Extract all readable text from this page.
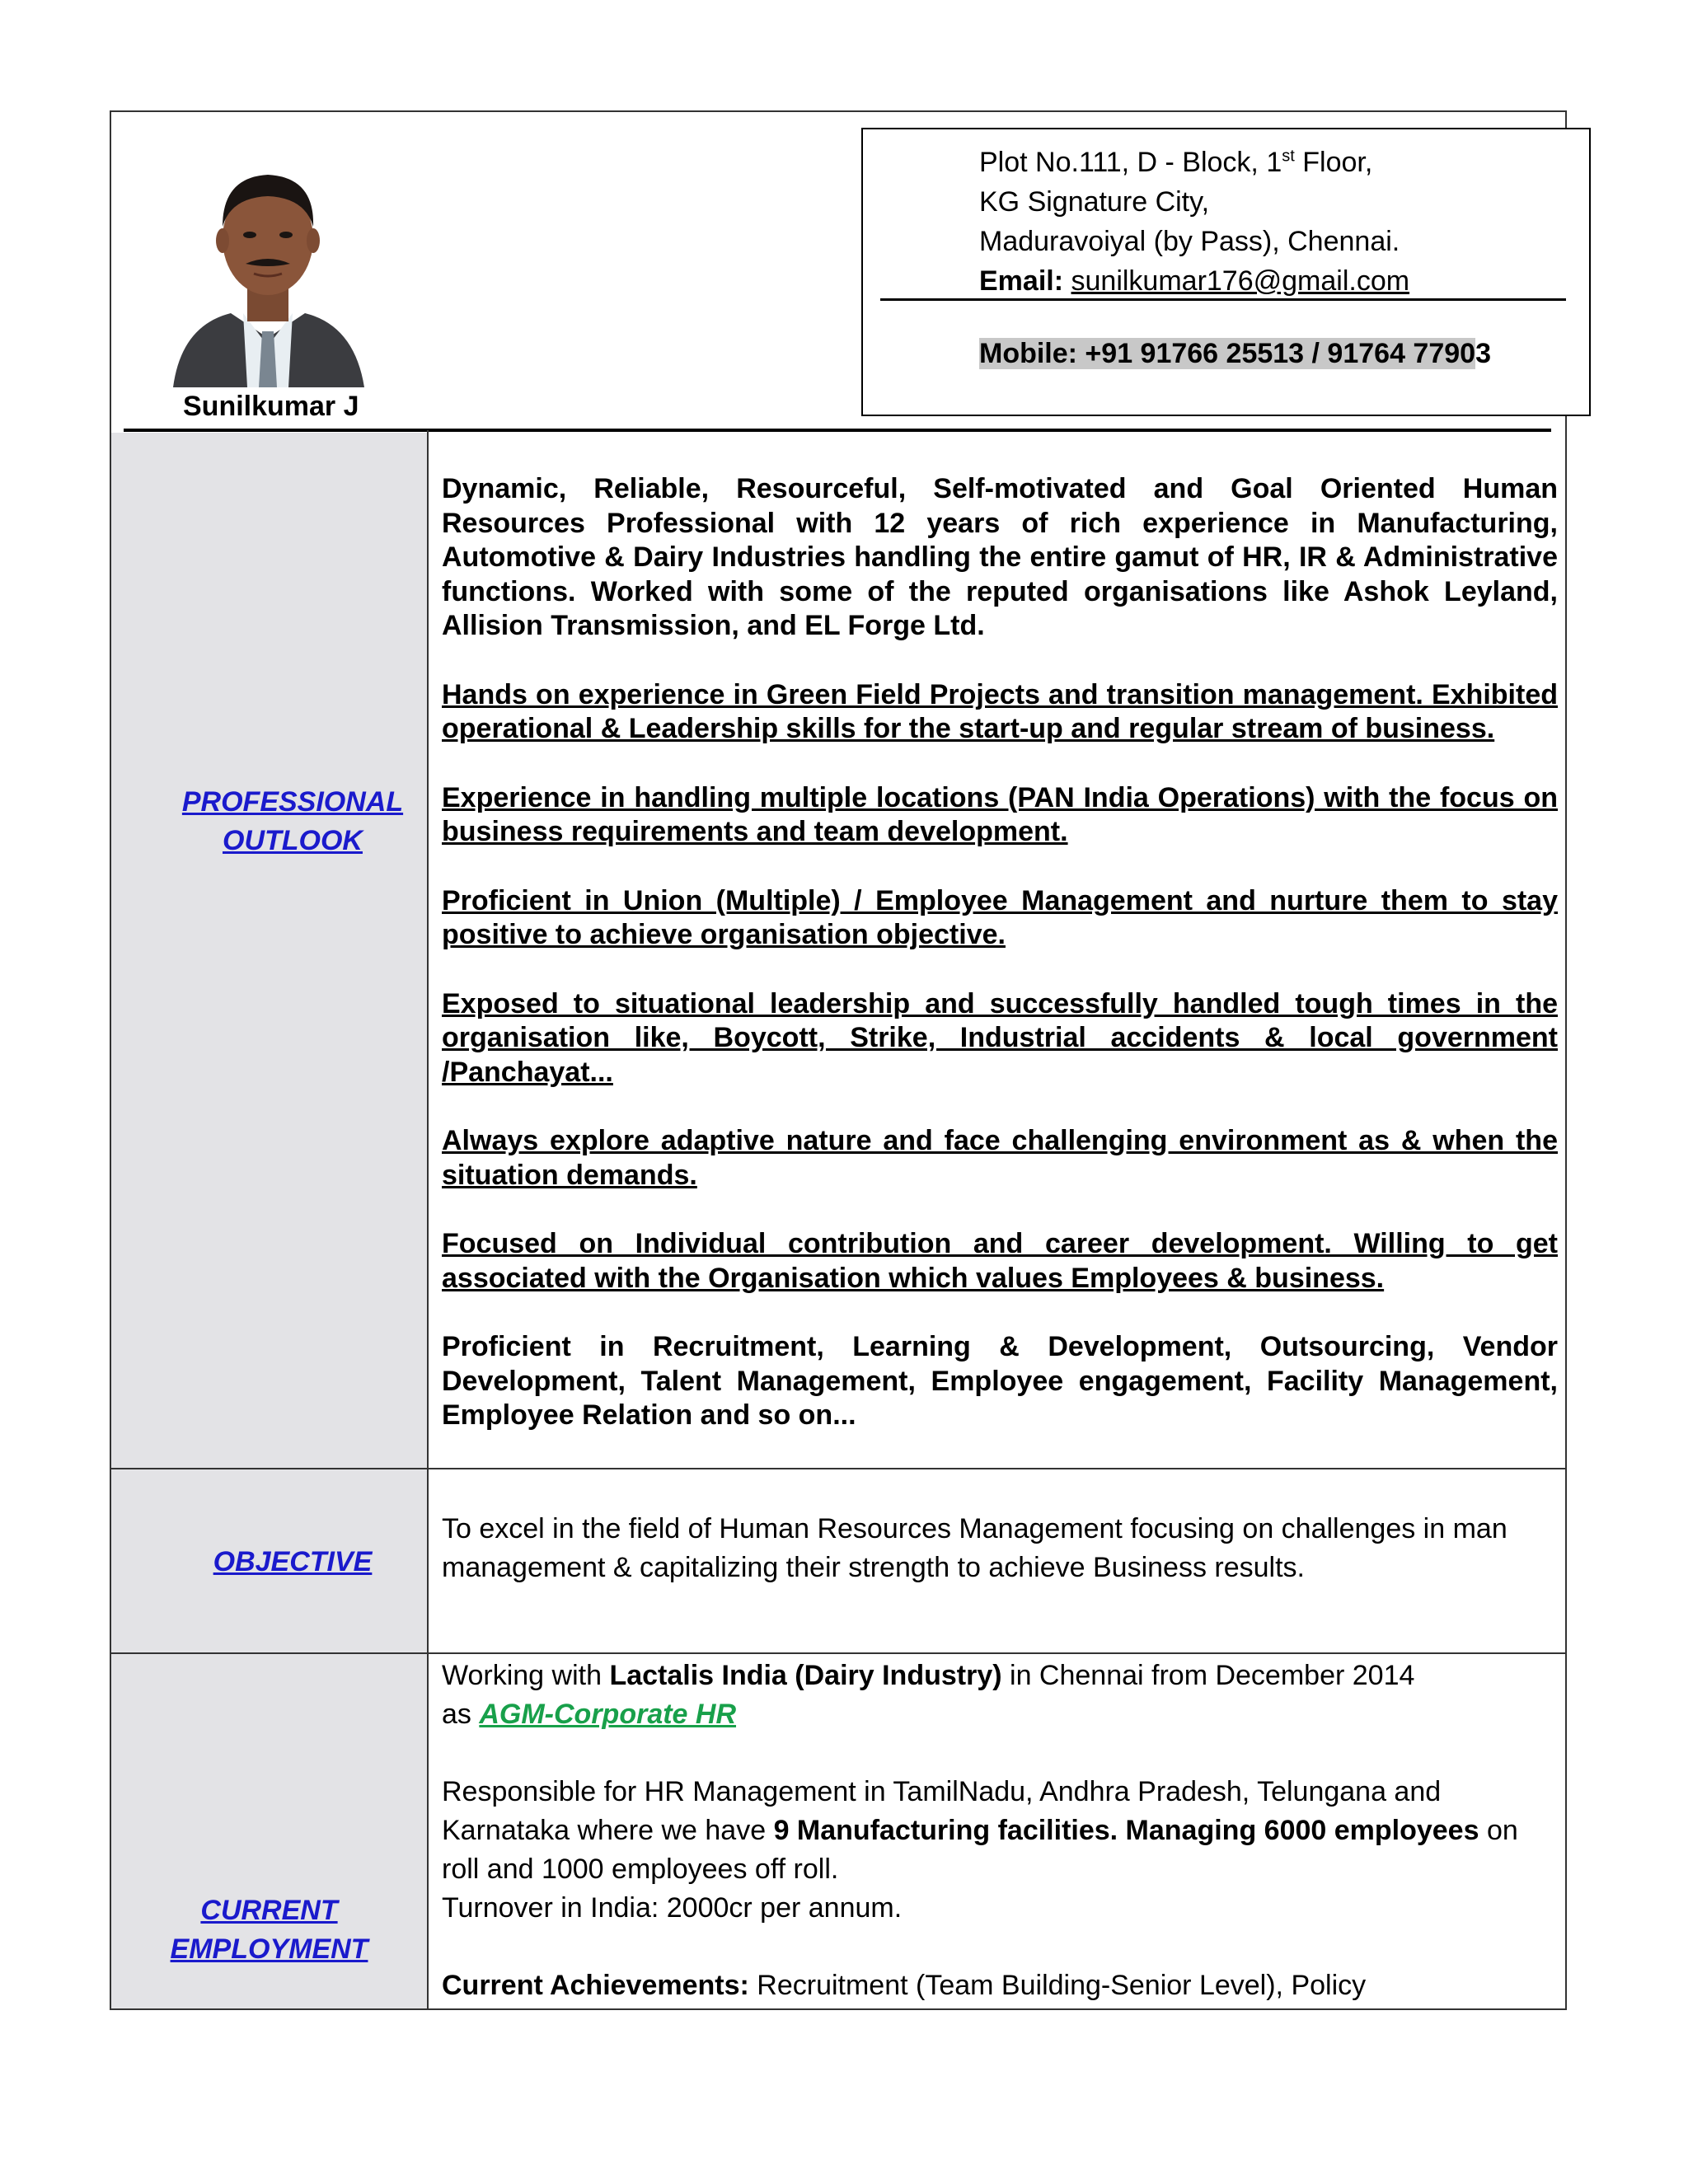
Sunilkumar J
Plot No.111, D - Block, 1st Floor,
KG Signature City,
Maduravoiyal (by Pass), Chennai.
Email: sunilkumar176@gmail.com
Mobile: +91 91766 25513 / 91764 77903
PROFESSIONAL
OUTLOOK

Dynamic, Reliable, Resourceful, Self-motivated and Goal Oriented Human Resources Professional with 12 years of rich experience in Manufacturing, Automotive & Dairy Industries handling the entire gamut of HR, IR & Administrative functions. Worked with some of the reputed organisations like Ashok Leyland, Allision Transmission, and EL Forge Ltd.

Hands on experience in Green Field Projects and transition management. Exhibited operational & Leadership skills for the start-up and regular stream of business.

Experience in handling multiple locations (PAN India Operations) with the focus on business requirements and team development.

Proficient in Union (Multiple) / Employee Management and nurture them to stay positive to achieve organisation objective.

Exposed to situational leadership and successfully handled tough times in the organisation like, Boycott, Strike, Industrial accidents & local government /Panchayat...

Always explore adaptive nature and face challenging environment as & when the situation demands.

Focused on Individual contribution and career development. Willing to get associated with the Organisation which values Employees & business.

Proficient in Recruitment, Learning & Development, Outsourcing, Vendor Development, Talent Management, Employee engagement, Facility Management, Employee Relation and so on...

OBJECTIVE

To excel in the field of Human Resources Management focusing on challenges in man management & capitalizing their strength to achieve Business results.

CURRENT
EMPLOYMENT

Working with Lactalis India (Dairy Industry) in Chennai from December 2014

as AGM-Corporate HR

Responsible for HR Management in TamilNadu, Andhra Pradesh, Telungana and Karnataka where we have 9 Manufacturing facilities. Managing 6000 employees on roll and 1000 employees off roll.

Turnover in India: 2000cr per annum.

Current Achievements: Recruitment (Team Building-Senior Level), Policy
